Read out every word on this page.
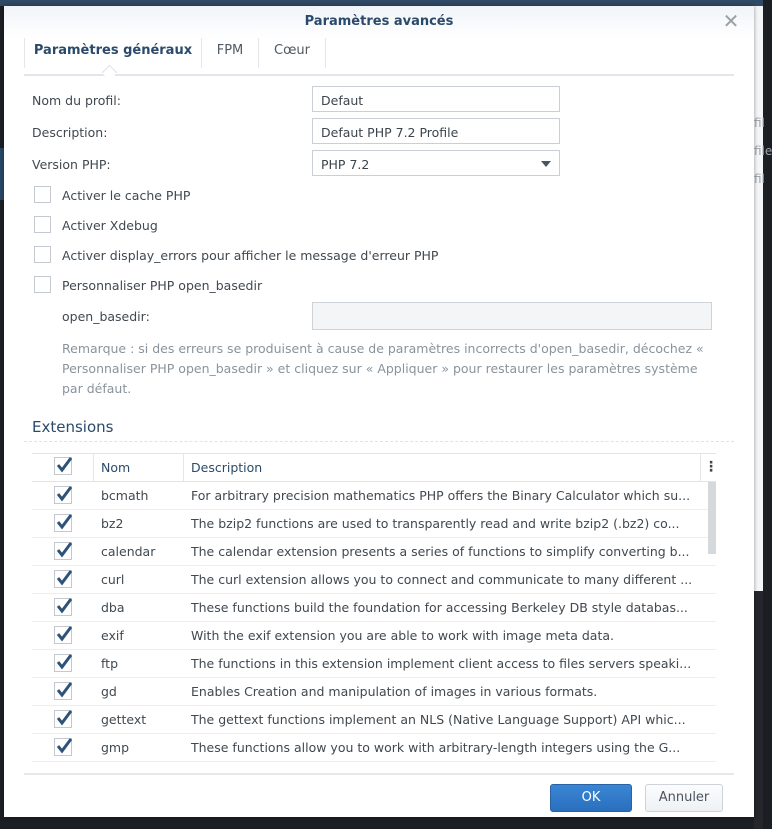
fil
file
fil
Paramètres avancés	✕
Paramètres généraux	FPM	Cœur
Nom du profil:	Defaut
Description:	Defaut PHP 7.2 Profile
Version PHP:	PHP 7.2
Activer le cache PHP
Activer Xdebug
Activer display_errors pour afficher le message d'erreur PHP
Personnaliser PHP open_basedir
open_basedir:
Remarque : si des erreurs se produisent à cause de paramètres incorrects d'open_basedir, décochez « Personnaliser PHP open_basedir » et cliquez sur « Appliquer » pour restaurer les paramètres système par défaut.
Extensions
Nom	Description	⋮
bcmath	For arbitrary precision mathematics PHP offers the Binary Calculator which su...
bz2	The bzip2 functions are used to transparently read and write bzip2 (.bz2) co...
calendar	The calendar extension presents a series of functions to simplify converting b...
curl	The curl extension allows you to connect and communicate to many different ...
dba	These functions build the foundation for accessing Berkeley DB style databas...
exif	With the exif extension you are able to work with image meta data.
ftp	The functions in this extension implement client access to files servers speaki...
gd	Enables Creation and manipulation of images in various formats.
gettext	The gettext functions implement an NLS (Native Language Support) API whic...
gmp	These functions allow you to work with arbitrary-length integers using the G...
OK	Annuler
